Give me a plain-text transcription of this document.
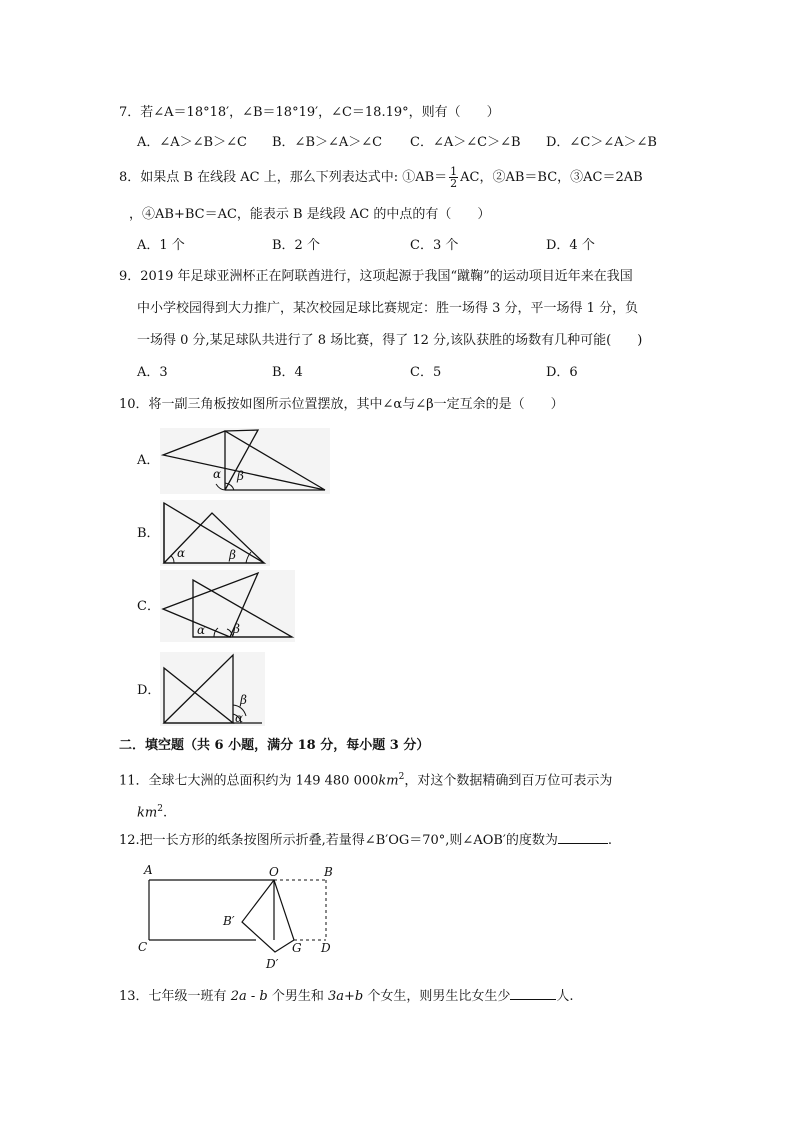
7．若∠A＝18°18′，∠B＝18°19′，∠C＝18.19°，则有（　　）
A．∠A＞∠B＞∠C B．∠B＞∠A＞∠C C．∠A＞∠C＞∠B D．∠C＞∠A＞∠B
8．如果点 B 在线段 AC 上，那么下列表达式中: ①AB＝ $\frac{1}{2}$ AC，②AB＝BC，③AC＝2AB
，④AB+BC＝AC，能表示 B 是线段 AC 的中点的有（　　）
A．1 个	B．2 个	C．3 个	D．4 个
9．2019 年足球亚洲杯正在阿联酋进行，这项起源于我国“蹴鞠”的运动项目近年来在我国
中小学校园得到大力推广，某次校园足球比赛规定：胜一场得 3 分，平一场得 1 分，负
一场得 0 分,某足球队共进行了 8 场比赛，得了 12 分,该队获胜的场数有几种可能(　　)
A．3	B．4	C．5	D．6
10．将一副三角板按如图所示位置摆放，其中∠α与∠β一定互余的是（　　）
A．
α β
B．
α	β
C．
α β
D．
β
α
二．填空题（共 6 小题，满分 18 分，每小题 3 分）
11．全球七大洲的总面积约为 149 480 $000km^2$，对这个数据精确到百万位可表示为
$km^2$.
12.把一长方形的纸条按图所示折叠,若量得∠B′OG＝70°,则∠AOB′的度数为	.
A	O	B
B′
C	G D
D′
13．七年级一班有 2a - b 个男生和 3a+b 个女生，则男生比女生少	人.
